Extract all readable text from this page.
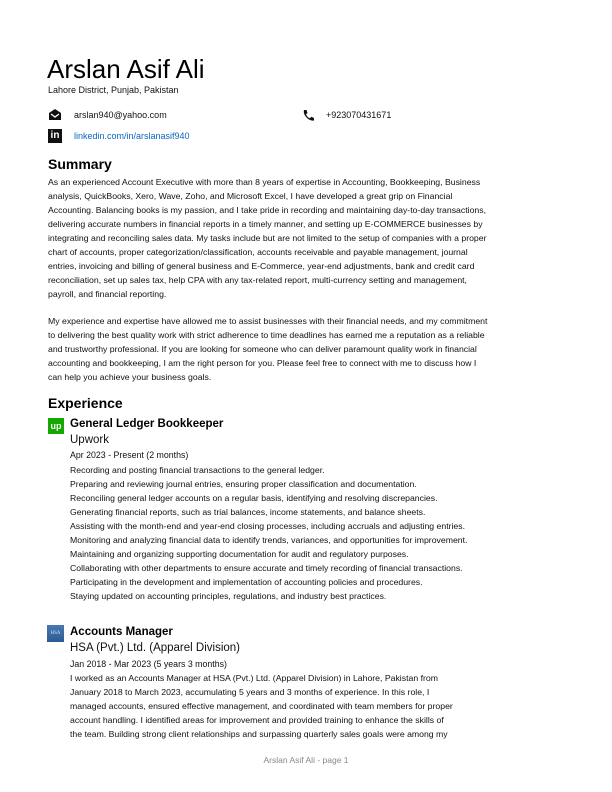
Arslan Asif Ali
Lahore District, Punjab, Pakistan
arslan940@yahoo.com	+923070431671
in linkedin.com/in/arslanasif940
Summary
As an experienced Account Executive with more than 8 years of expertise in Accounting, Bookkeeping, Business
analysis, QuickBooks, Xero, Wave, Zoho, and Microsoft Excel, I have developed a great grip on Financial
Accounting. Balancing books is my passion, and I take pride in recording and maintaining day-to-day transactions,
delivering accurate numbers in financial reports in a timely manner, and setting up E-COMMERCE businesses by
integrating and reconciling sales data. My tasks include but are not limited to the setup of companies with a proper
chart of accounts, proper categorization/classification, accounts receivable and payable management, journal
entries, invoicing and billing of general business and E-Commerce, year-end adjustments, bank and credit card
reconciliation, set up sales tax, help CPA with any tax-related report, multi-currency setting and management,
payroll, and financial reporting.
My experience and expertise have allowed me to assist businesses with their financial needs, and my commitment
to delivering the best quality work with strict adherence to time deadlines has earned me a reputation as a reliable
and trustworthy professional. If you are looking for someone who can deliver paramount quality work in financial
accounting and bookkeeping, I am the right person for you. Please feel free to connect with me to discuss how I
can help you achieve your business goals.
Experience
up General Ledger Bookkeeper
Upwork
Apr 2023 - Present (2 months)
Recording and posting financial transactions to the general ledger.
Preparing and reviewing journal entries, ensuring proper classification and documentation.
Reconciling general ledger accounts on a regular basis, identifying and resolving discrepancies.
Generating financial reports, such as trial balances, income statements, and balance sheets.
Assisting with the month-end and year-end closing processes, including accruals and adjusting entries.
Monitoring and analyzing financial data to identify trends, variances, and opportunities for improvement.
Maintaining and organizing supporting documentation for audit and regulatory purposes.
Collaborating with other departments to ensure accurate and timely recording of financial transactions.
Participating in the development and implementation of accounting policies and procedures.
Staying updated on accounting principles, regulations, and industry best practices.
HSA Accounts Manager
HSA (Pvt.) Ltd. (Apparel Division)
Jan 2018 - Mar 2023 (5 years 3 months)
I worked as an Accounts Manager at HSA (Pvt.) Ltd. (Apparel Division) in Lahore, Pakistan from
January 2018 to March 2023, accumulating 5 years and 3 months of experience. In this role, I
managed accounts, ensured effective management, and coordinated with team members for proper
account handling. I identified areas for improvement and provided training to enhance the skills of
the team. Building strong client relationships and surpassing quarterly sales goals were among my
Arslan Asif Ali - page 1
